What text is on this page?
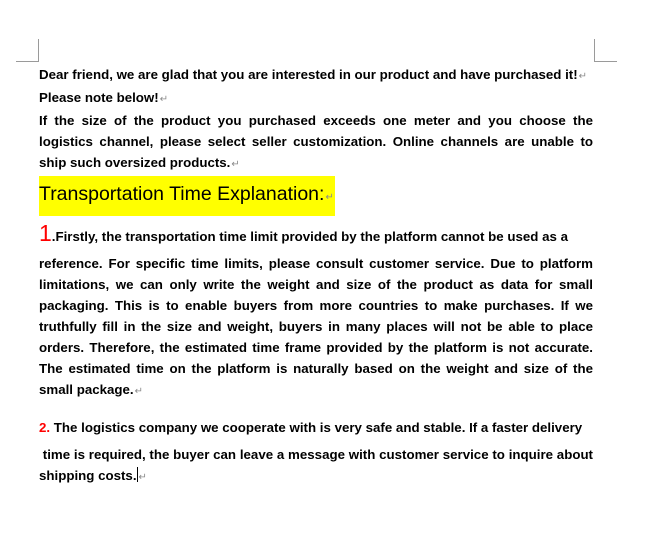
Dear friend, we are glad that you are interested in our product and have purchased it!↵

Please note below!↵

If the size of the product you purchased exceeds one meter and you choose the logistics channel, please select seller customization. Online channels are unable to ship such oversized products.↵

Transportation Time Explanation:↵

1.Firstly, the transportation time limit provided by the platform cannot be used as a
reference. For specific time limits, please consult customer service. Due to platform limitations, we can only write the weight and size of the product as data for small packaging. This is to enable buyers from more countries to make purchases. If we truthfully fill in the size and weight, buyers in many places will not be able to place orders. Therefore, the estimated time frame provided by the platform is not accurate. The estimated time on the platform is naturally based on the weight and size of the small package.↵

2. The logistics company we cooperate with is very safe and stable. If a faster delivery
time is required, the buyer can leave a message with customer service to inquire about shipping costs. ↵
